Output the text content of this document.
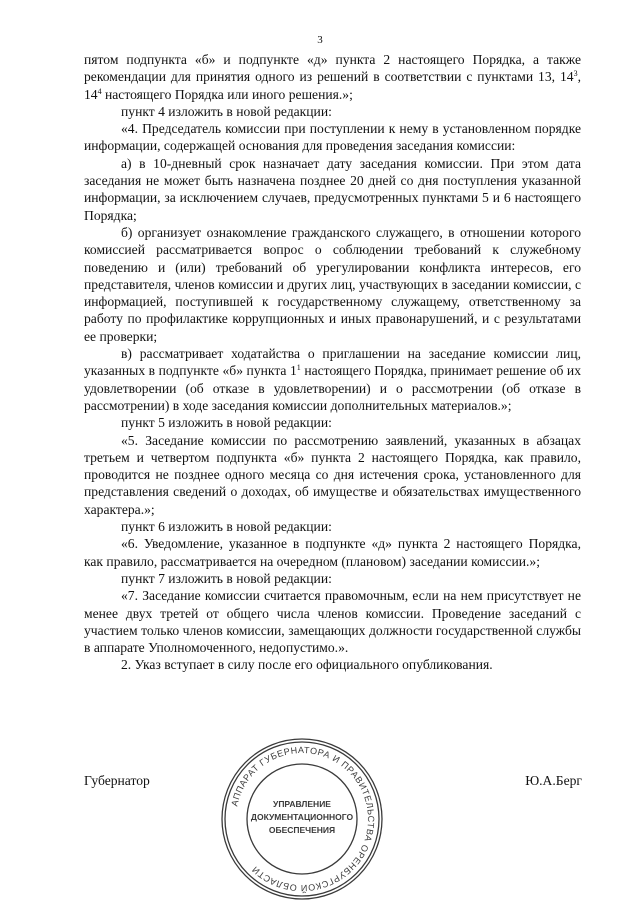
3

пятом подпункта «б» и подпункте «д» пункта 2 настоящего Порядка, а также рекомендации для принятия одного из решений в соответствии с пунктами 13, $14^3$, $14^4$ настоящего Порядка или иного решения.»;

пункт 4 изложить в новой редакции:

«4. Председатель комиссии при поступлении к нему в установленном порядке информации, содержащей основания для проведения заседания комиссии:

а) в 10-дневный срок назначает дату заседания комиссии. При этом дата заседания не может быть назначена позднее 20 дней со дня поступления указанной информации, за исключением случаев, предусмотренных пунктами 5 и 6 настоящего Порядка;

б) организует ознакомление гражданского служащего, в отношении которого комиссией рассматривается вопрос о соблюдении требований к служебному поведению и (или) требований об урегулировании конфликта интересов, его представителя, членов комиссии и других лиц, участвующих в заседании комиссии, с информацией, поступившей к государственному служащему, ответственному за работу по профилактике коррупционных и иных правонарушений, и с результатами ее проверки;

в) рассматривает ходатайства о приглашении на заседание комиссии лиц, указанных в подпункте «б» пункта $1^1$ настоящего Порядка, принимает решение об их удовлетворении (об отказе в удовлетворении) и о рассмотрении (об отказе в рассмотрении) в ходе заседания комиссии дополнительных материалов.»;

пункт 5 изложить в новой редакции:

«5. Заседание комиссии по рассмотрению заявлений, указанных в абзацах третьем и четвертом подпункта «б» пункта 2 настоящего Порядка, как правило, проводится не позднее одного месяца со дня истечения срока, установленного для представления сведений о доходах, об имуществе и обязательствах имущественного характера.»;

пункт 6 изложить в новой редакции:

«6. Уведомление, указанное в подпункте «д» пункта 2 настоящего Порядка, как правило, рассматривается на очередном (плановом) заседании комиссии.»;

пункт 7 изложить в новой редакции:

«7. Заседание комиссии считается правомочным, если на нем присутствует не менее двух третей от общего числа членов комиссии. Проведение заседаний с участием только членов комиссии, замещающих должности государственной службы в аппарате Уполномоченного, недопустимо.».

2. Указ вступает в силу после его официального опубликования.

Губернатор	Ю.А.Берг
АППАРАТ ГУБЕРНАТОРА И ПРАВИТЕЛЬСТВА ОРЕНБУРГСКОЙ ОБЛАСТИ
УПРАВЛЕНИЕ
ДОКУМЕНТАЦИОННОГО
ОБЕСПЕЧЕНИЯ
